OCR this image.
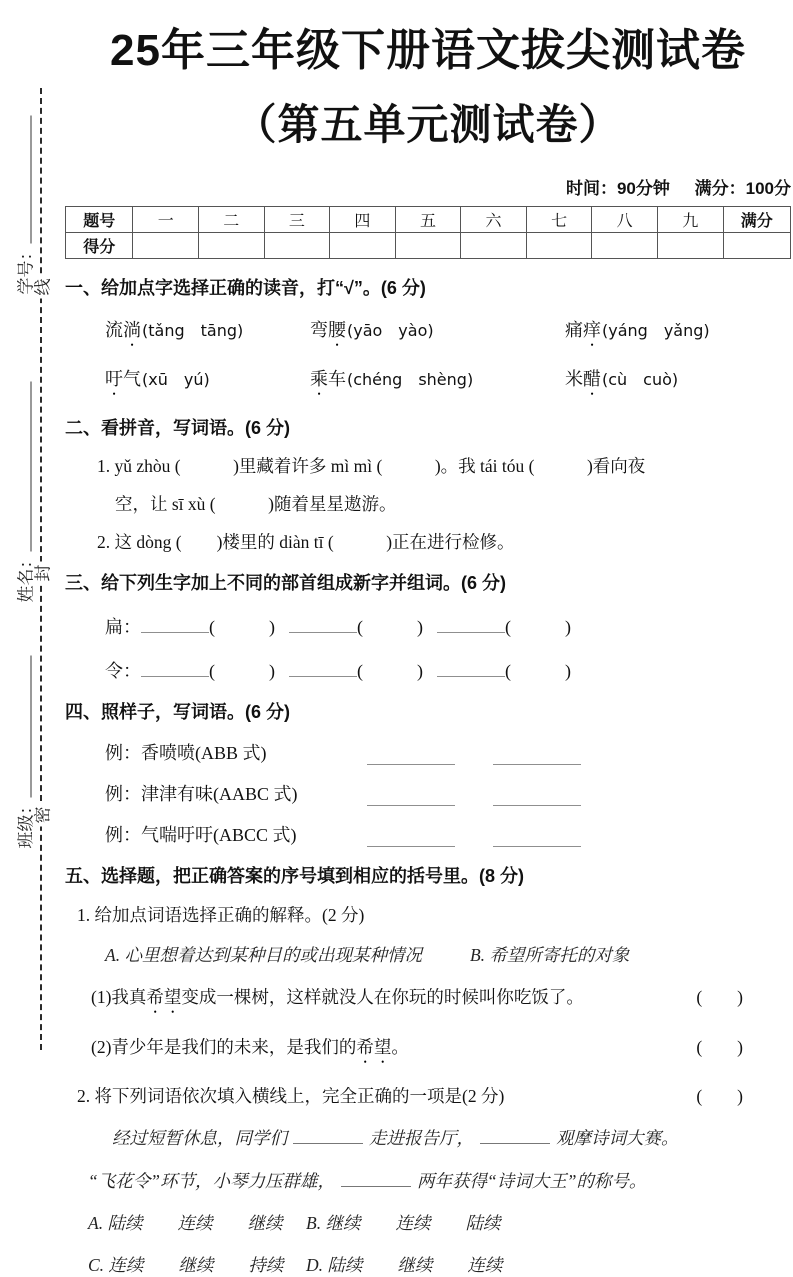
线
封
密
学号：
姓名：
班级：
25年三年级下册语文拔尖测试卷
（第五单元测试卷）
时间：90分钟 满分：100分
题号	一	二	三	四	五	六	七	八	九	满分
得分										
一、给加点字选择正确的读音，打“√”。(6 分)
流淌(tǎng　tāng)	弯腰(yāo　yào)	痛痒(yáng　yǎng)
吁气(xū　yú)	乘车(chéng　shèng)	米醋(cù　cuò)
二、看拼音，写词语。(6 分)
1. yǔ zhòu (　　　)里藏着许多 mì mì (　　　)。我 tái tóu (　　　)看向夜
空，让 sī xù (　　　)随着星星遨游。
2. 这 dòng (　　)楼里的 diàn tī (　　　)正在进行检修。
三、给下列生字加上不同的部首组成新字并组词。(6 分)
扁：	(　　　)	(　　　)	(　　　)
令：	(　　　)	(　　　)	(　　　)
四、照样子，写词语。(6 分)
例：香喷喷(ABB 式)
例：津津有味(AABC 式)
例：气喘吁吁(ABCC 式)
五、选择题，把正确答案的序号填到相应的括号里。(8 分)
1. 给加点词语选择正确的解释。(2 分)
A. 心里想着达到某种目的或出现某种情况	B. 希望所寄托的对象
(1)我真希望变成一棵树，这样就没人在你玩的时候叫你吃饭了。	(　　)
(2)青少年是我们的未来，是我们的希望。	(　　)
2. 将下列词语依次填入横线上，完全正确的一项是(2 分)	(　　)
经过短暂休息，同学们	走进报告厅，	观摩诗词大赛。
“飞花令”环节，小琴力压群雄，	两年获得“诗词大王”的称号。
A. 陆续　　连续　　继续	B. 继续　　连续　　陆续
C. 连续　　继续　　持续	D. 陆续　　继续　　连续
